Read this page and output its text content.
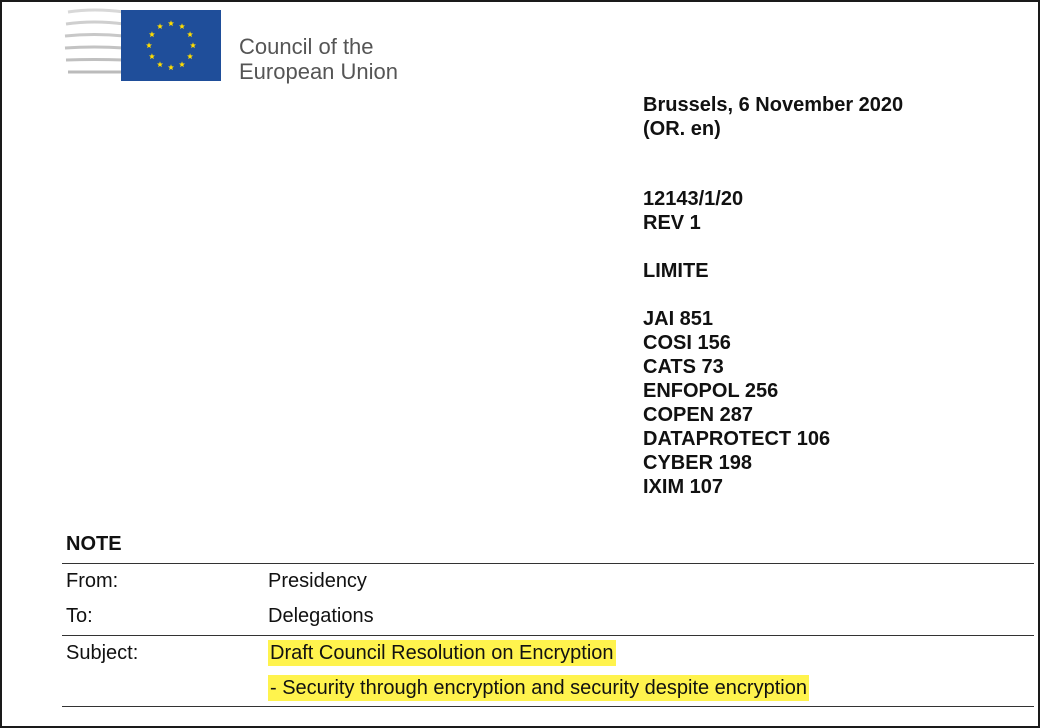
Council of the
European Union
Brussels, 6 November 2020
(OR. en)
12143/1/20
REV 1
LIMITE
JAI 851
COSI 156
CATS 73
ENFOPOL 256
COPEN 287
DATAPROTECT 106
CYBER 198
IXIM 107
NOTE
From:	Presidency
To:	Delegations
Subject:	Draft Council Resolution on Encryption
- Security through encryption and security despite encryption
